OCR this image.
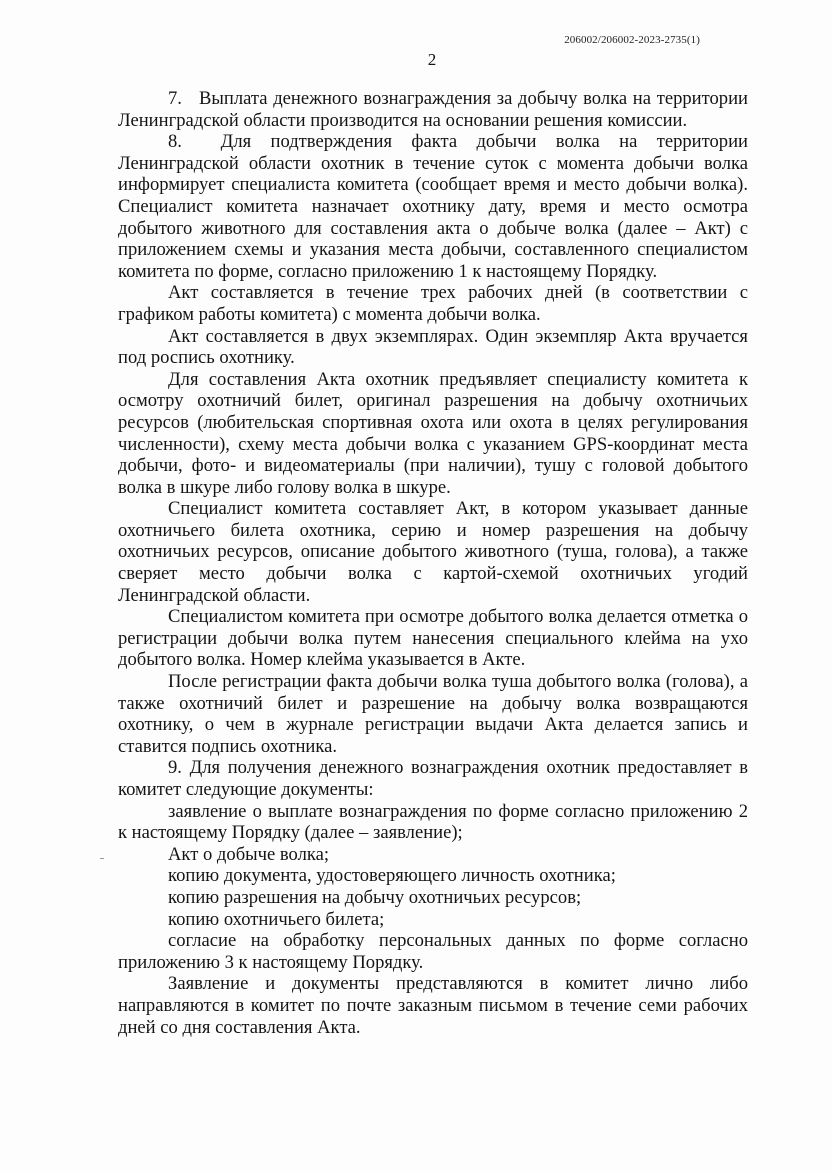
206002/206002-2023-2735(1)
2

7.   Выплата денежного вознаграждения за добычу волка на территории Ленинградской области производится на основании решения комиссии.

8.  Для подтверждения факта добычи волка на территории Ленинградской области охотник в течение суток с момента добычи волка информирует специалиста комитета (сообщает время и место добычи волка). Специалист комитета назначает охотнику дату, время и место осмотра добытого животного для составления акта о добыче волка (далее – Акт) с приложением схемы и указания места добычи, составленного специалистом комитета по форме, согласно приложению 1 к настоящему Порядку.

Акт составляется в течение трех рабочих дней (в соответствии с графиком работы комитета) с момента добычи волка.

Акт составляется в двух экземплярах. Один экземпляр Акта вручается под роспись охотнику.

Для составления Акта охотник предъявляет специалисту комитета к осмотру охотничий билет, оригинал разрешения на добычу охотничьих ресурсов (любительская спортивная охота или охота в целях регулирования численности), схему места добычи волка с указанием GPS-координат места добычи, фото- и видеоматериалы (при наличии), тушу с головой добытого волка в шкуре либо голову волка в шкуре.

Специалист комитета составляет Акт, в котором указывает данные охотничьего билета охотника, серию и номер разрешения на добычу охотничьих ресурсов, описание добытого животного (туша, голова), а также сверяет место добычи волка с картой-схемой охотничьих угодий Ленинградской области.

Специалистом комитета при осмотре добытого волка делается отметка о регистрации добычи волка путем нанесения специального клейма на ухо добытого волка. Номер клейма указывается в Акте.

После регистрации факта добычи волка туша добытого волка (голова), а также охотничий билет и разрешение на добычу волка возвращаются охотнику, о чем в журнале регистрации выдачи Акта делается запись и ставится подпись охотника.

9. Для получения денежного вознаграждения охотник предоставляет в комитет следующие документы:

заявление о выплате вознаграждения по форме согласно приложению 2 к настоящему Порядку (далее – заявление);

Акт о добыче волка;

копию документа, удостоверяющего личность охотника;

копию разрешения на добычу охотничьих ресурсов;

копию охотничьего билета;

согласие на обработку персональных данных по форме согласно приложению 3 к настоящему Порядку.

Заявление и документы представляются в комитет лично либо направляются в комитет по почте заказным письмом в течение семи рабочих дней со дня составления Акта.
